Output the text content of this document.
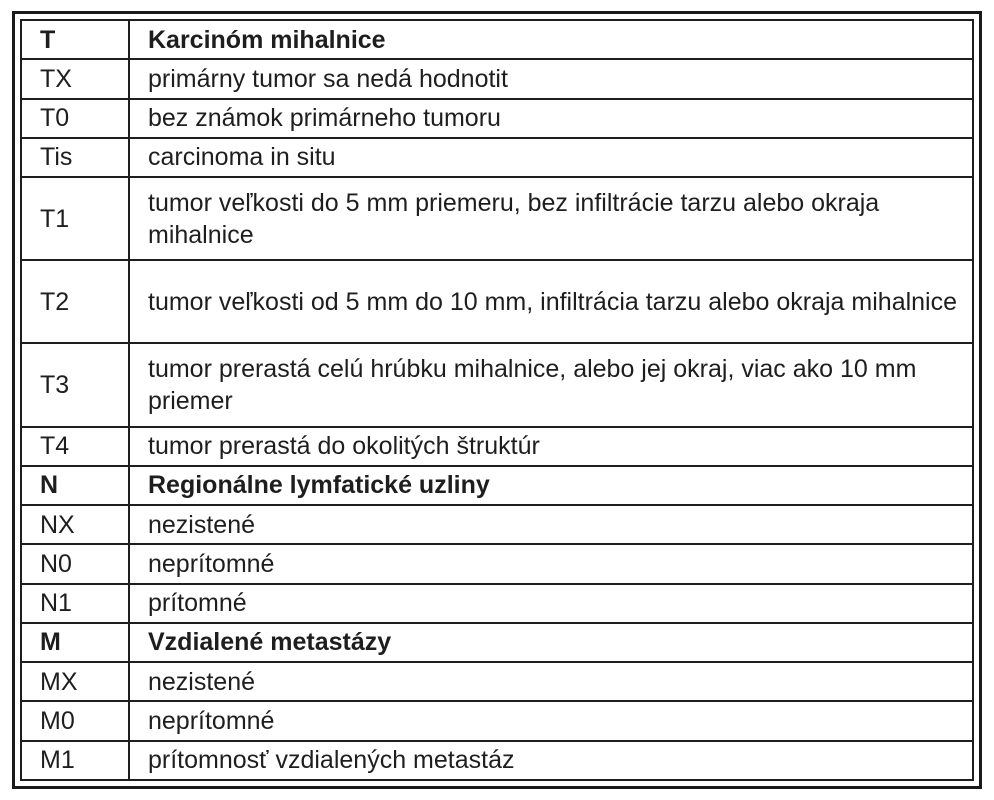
T	Karcinóm mihalnice
TX	primárny tumor sa nedá hodnotit
T0	bez známok primárneho tumoru
Tis	carcinoma in situ
T1	tumor veľkosti do 5 mm priemeru, bez infiltrácie tarzu alebo okraja mihalnice
T2	tumor veľkosti od 5 mm do 10 mm, infiltrácia tarzu alebo okraja mihalnice
T3	tumor prerastá celú hrúbku mihalnice, alebo jej okraj, viac ako 10 mm priemer
T4	tumor prerastá do okolitých štruktúr
N	Regionálne lymfatické uzliny
NX	nezistené
N0	neprítomné
N1	prítomné
M	Vzdialené metastázy
MX	nezistené
M0	neprítomné
M1	prítomnosť vzdialených metastáz
